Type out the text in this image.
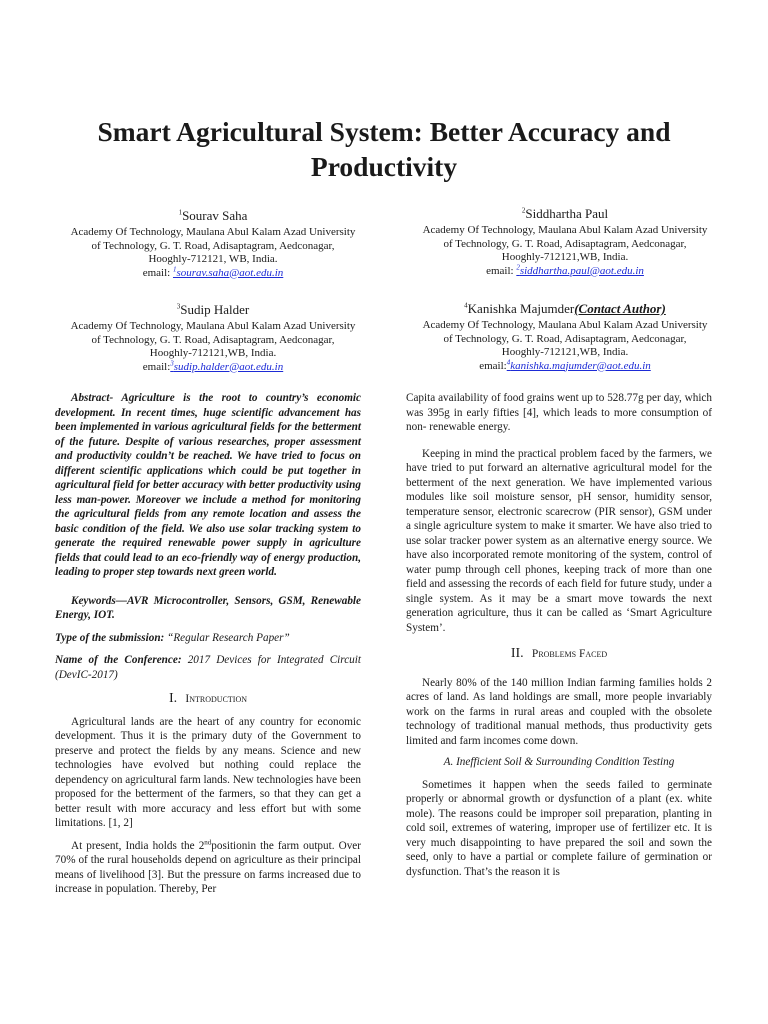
Smart Agricultural System: Better Accuracy and Productivity
$^1$Sourav Saha
Academy Of Technology, Maulana Abul Kalam Azad University
of Technology, G. T. Road, Adisaptagram, Aedconagar,
Hooghly-712121, WB, India.
email: $^1$sourav.saha@aot.edu.in
$^2$Siddhartha Paul
Academy Of Technology, Maulana Abul Kalam Azad University
of Technology, G. T. Road, Adisaptagram, Aedconagar,
Hooghly-712121,WB, India.
email: $^2$siddhartha.paul@aot.edu.in
$^3$Sudip Halder
Academy Of Technology, Maulana Abul Kalam Azad University
of Technology, G. T. Road, Adisaptagram, Aedconagar,
Hooghly-712121,WB, India.
email:$^3$sudip.halder@aot.edu.in
$^4$Kanishka Majumder(Contact Author)
Academy Of Technology, Maulana Abul Kalam Azad University
of Technology, G. T. Road, Adisaptagram, Aedconagar,
Hooghly-712121,WB, India.
email:$^4$kanishka.majumder@aot.edu.in

Abstract- Agriculture is the root to country’s economic development. In recent times, huge scientific advancement has been implemented in various agricultural fields for the betterment of the future. Despite of various researches, proper assessment and productivity couldn’t be reached. We have tried to focus on different scientific applications which could be put together in agricultural field for better accuracy with better productivity using less man-power. Moreover we include a method for monitoring the agricultural fields from any remote location and assess the basic condition of the field. We also use solar tracking system to generate the required renewable power supply in agriculture fields that could lead to an eco-friendly way of energy production, leading to proper step towards next green world.

Keywords—AVR Microcontroller, Sensors, GSM, Renewable Energy, IOT.

Type of the submission: “Regular Research Paper”

Name of the Conference: 2017 Devices for Integrated Circuit (DevIC-2017)

I. Introduction

Agricultural lands are the heart of any country for economic development. Thus it is the primary duty of the Government to preserve and protect the fields by any means. Science and new technologies have evolved but nothing could replace the dependency on agricultural farm lands. New technologies have been proposed for the betterment of the farmers, so that they can get a better result with more accuracy and less effort but with some limitations. [1, 2]

At present, India holds the 2ndpositionin the farm output. Over 70% of the rural households depend on agriculture as their principal means of livelihood [3]. But the pressure on farms increased due to increase in population. Thereby, Per

Capita availability of food grains went up to 528.77g per day, which was 395g in early fifties [4], which leads to more consumption of non- renewable energy.

Keeping in mind the practical problem faced by the farmers, we have tried to put forward an alternative agricultural model for the betterment of the next generation. We have implemented various modules like soil moisture sensor, pH sensor, humidity sensor, temperature sensor, electronic scarecrow (PIR sensor), GSM under a single agriculture system to make it smarter. We have also tried to use solar tracker power system as an alternative energy source. We have also incorporated remote monitoring of the system, control of water pump through cell phones, keeping track of more than one field and assessing the records of each field for future study, under a single system. As it may be a smart move towards the next generation agriculture, thus it can be called as ‘Smart Agriculture System’.

II. Problems Faced

Nearly 80% of the 140 million Indian farming families holds 2 acres of land. As land holdings are small, more people invariably work on the farms in rural areas and coupled with the obsolete technology of traditional manual methods, thus productivity gets limited and farm incomes come down.

A. Inefficient Soil & Surrounding Condition Testing

Sometimes it happen when the seeds failed to germinate properly or abnormal growth or dysfunction of a plant (ex. white mole). The reasons could be improper soil preparation, planting in cold soil, extremes of watering, improper use of fertilizer etc. It is very much disappointing to have prepared the soil and sown the seed, only to have a partial or complete failure of germination or dysfunction. That’s the reason it is
